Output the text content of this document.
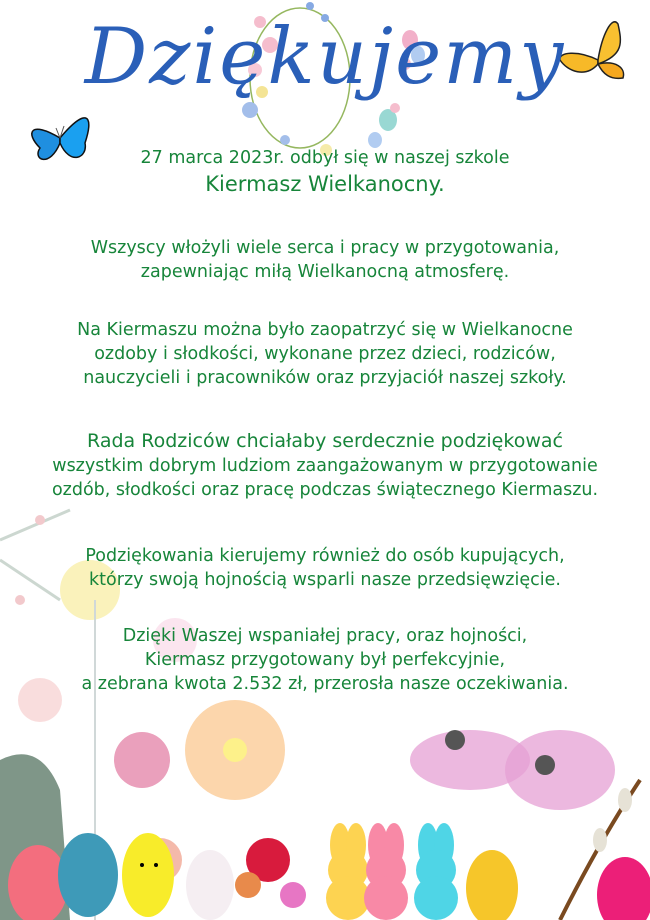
Dziękujemy
27 marca 2023r. odbył się w naszej szkole
Kiermasz Wielkanocny.

Wszyscy włożyli wiele serca i pracy w przygotowania,

zapewniając miłą Wielkanocną atmosferę.

Na Kiermaszu można było zaopatrzyć się w Wielkanocne

ozdoby i słodkości, wykonane przez dzieci, rodziców,

nauczycieli i pracowników oraz przyjaciół naszej szkoły.

Rada Rodziców chciałaby serdecznie podziękować

wszystkim dobrym ludziom zaangażowanym w przygotowanie

ozdób, słodkości oraz pracę podczas świątecznego Kiermaszu.

Podziękowania kierujemy również do osób kupujących,

którzy swoją hojnością wsparli nasze przedsięwzięcie.

Dzięki Waszej wspaniałej pracy, oraz hojności,

Kiermasz przygotowany był perfekcyjnie,

a zebrana kwota 2.532 zł, przerosła nasze oczekiwania.
